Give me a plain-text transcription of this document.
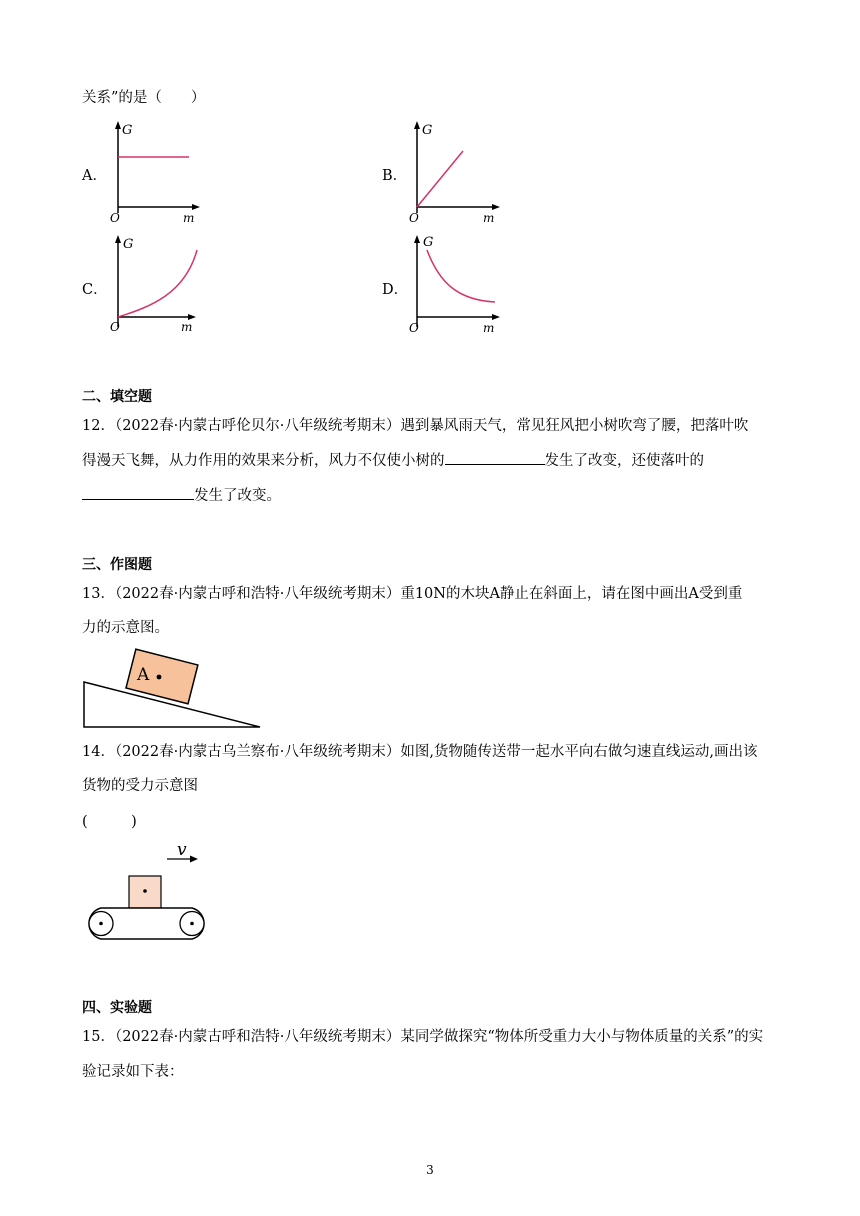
关系”的是（　　）
A．
G
m
O
B．
G
m
O
C．
G
m
O
D．
G
m
O
二、填空题
12．（2022春·内蒙古呼伦贝尔·八年级统考期末）遇到暴风雨天气，常见狂风把小树吹弯了腰，把落叶吹
得漫天飞舞，从力作用的效果来分析，风力不仅使小树的	发生了改变，还使落叶的
发生了改变。
三、作图题
13．（2022春·内蒙古呼和浩特·八年级统考期末）重10N的木块A静止在斜面上，请在图中画出A受到重
力的示意图。
A
14．（2022春·内蒙古乌兰察布·八年级统考期末）如图,货物随传送带一起水平向右做匀速直线运动,画出该
货物的受力示意图
(　　　)
v
四、实验题
15．（2022春·内蒙古呼和浩特·八年级统考期末）某同学做探究“物体所受重力大小与物体质量的关系”的实
验记录如下表：
3
